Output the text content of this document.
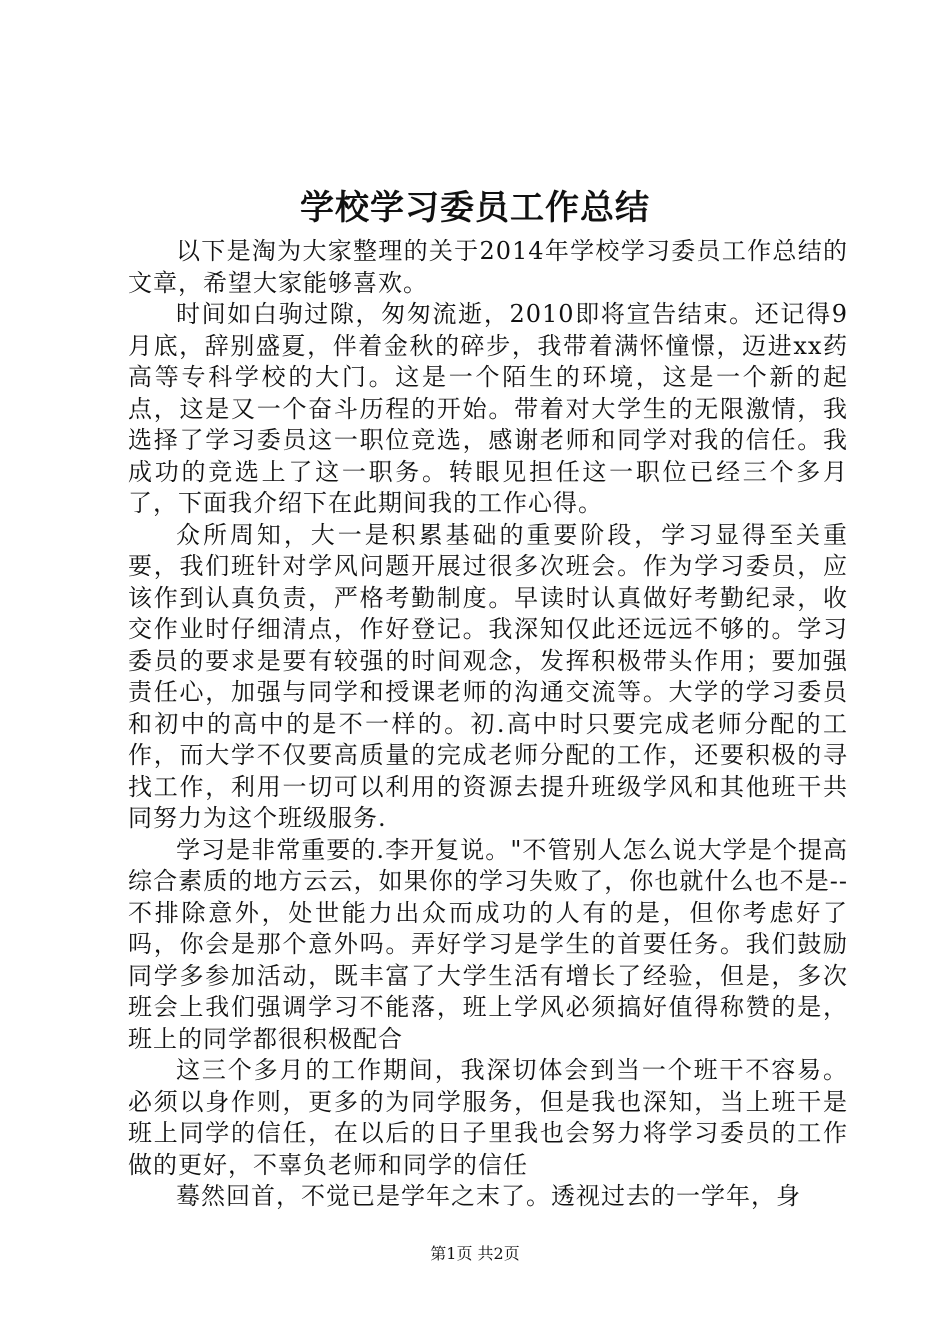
学校学习委员工作总结

以下是淘为大家整理的关于2014年学校学习委员工作总结的文章，希望大家能够喜欢。

时间如白驹过隙，匆匆流逝，2010即将宣告结束。还记得9月底，辞别盛夏，伴着金秋的碎步，我带着满怀憧憬，迈进xx药高等专科学校的大门。这是一个陌生的环境，这是一个新的起点，这是又一个奋斗历程的开始。带着对大学生的无限激情，我选择了学习委员这一职位竞选，感谢老师和同学对我的信任。我成功的竞选上了这一职务。转眼见担任这一职位已经三个多月了，下面我介绍下在此期间我的工作心得。

众所周知，大一是积累基础的重要阶段，学习显得至关重要，我们班针对学风问题开展过很多次班会。作为学习委员，应该作到认真负责，严格考勤制度。早读时认真做好考勤纪录，收交作业时仔细清点，作好登记。我深知仅此还远远不够的。学习委员的要求是要有较强的时间观念，发挥积极带头作用；要加强责任心，加强与同学和授课老师的沟通交流等。大学的学习委员和初中的高中的是不一样的。初.高中时只要完成老师分配的工作，而大学不仅要高质量的完成老师分配的工作，还要积极的寻找工作，利用一切可以利用的资源去提升班级学风和其他班干共同努力为这个班级服务.

学习是非常重要的.李开复说。"不管别人怎么说大学是个提高综合素质的地方云云，如果你的学习失败了，你也就什么也不是--不排除意外，处世能力出众而成功的人有的是，但你考虑好了吗，你会是那个意外吗。弄好学习是学生的首要任务。我们鼓励同学多参加活动，既丰富了大学生活有增长了经验，但是，多次班会上我们强调学习不能落，班上学风必须搞好值得称赞的是，班上的同学都很积极配合

这三个多月的工作期间，我深切体会到当一个班干不容易。必须以身作则，更多的为同学服务，但是我也深知，当上班干是班上同学的信任，在以后的日子里我也会努力将学习委员的工作做的更好，不辜负老师和同学的信任

蓦然回首，不觉已是学年之末了。透视过去的一学年，身

第1页 共2页
